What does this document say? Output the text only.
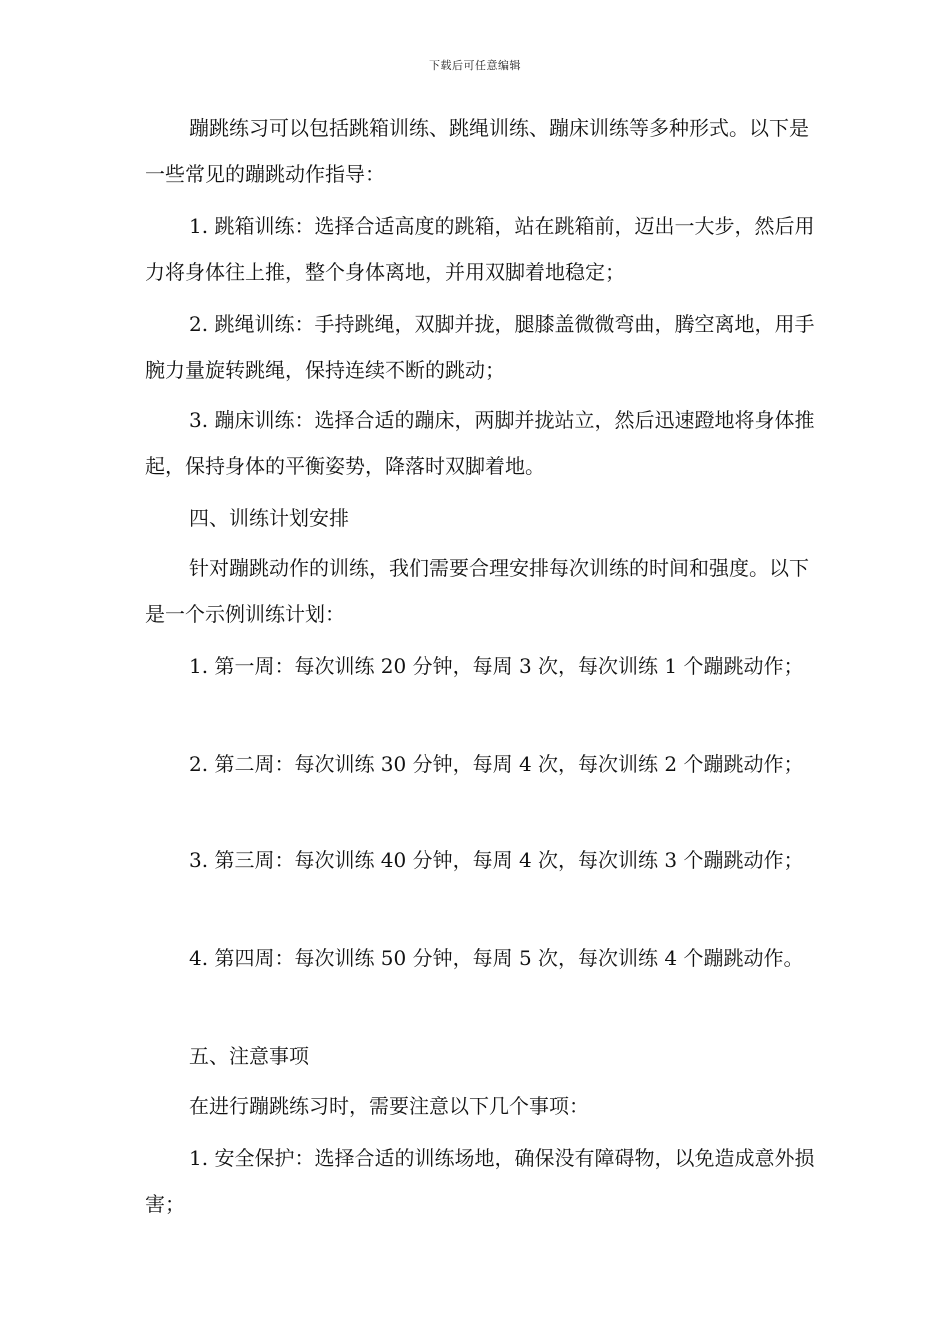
下载后可任意编辑

蹦跳练习可以包括跳箱训练、跳绳训练、蹦床训练等多种形式。以下是一些常见的蹦跳动作指导：

1. 跳箱训练：选择合适高度的跳箱，站在跳箱前，迈出一大步，然后用力将身体往上推，整个身体离地，并用双脚着地稳定；

2. 跳绳训练：手持跳绳，双脚并拢，腿膝盖微微弯曲，腾空离地，用手腕力量旋转跳绳，保持连续不断的跳动；

3. 蹦床训练：选择合适的蹦床，两脚并拢站立，然后迅速蹬地将身体推起，保持身体的平衡姿势，降落时双脚着地。

四、训练计划安排

针对蹦跳动作的训练，我们需要合理安排每次训练的时间和强度。以下是一个示例训练计划：

1. 第一周：每次训练 20 分钟，每周 3 次，每次训练 1 个蹦跳动作；

2. 第二周：每次训练 30 分钟，每周 4 次，每次训练 2 个蹦跳动作；

3. 第三周：每次训练 40 分钟，每周 4 次，每次训练 3 个蹦跳动作；

4. 第四周：每次训练 50 分钟，每周 5 次，每次训练 4 个蹦跳动作。

五、注意事项

在进行蹦跳练习时，需要注意以下几个事项：

1. 安全保护：选择合适的训练场地，确保没有障碍物，以免造成意外损害；
